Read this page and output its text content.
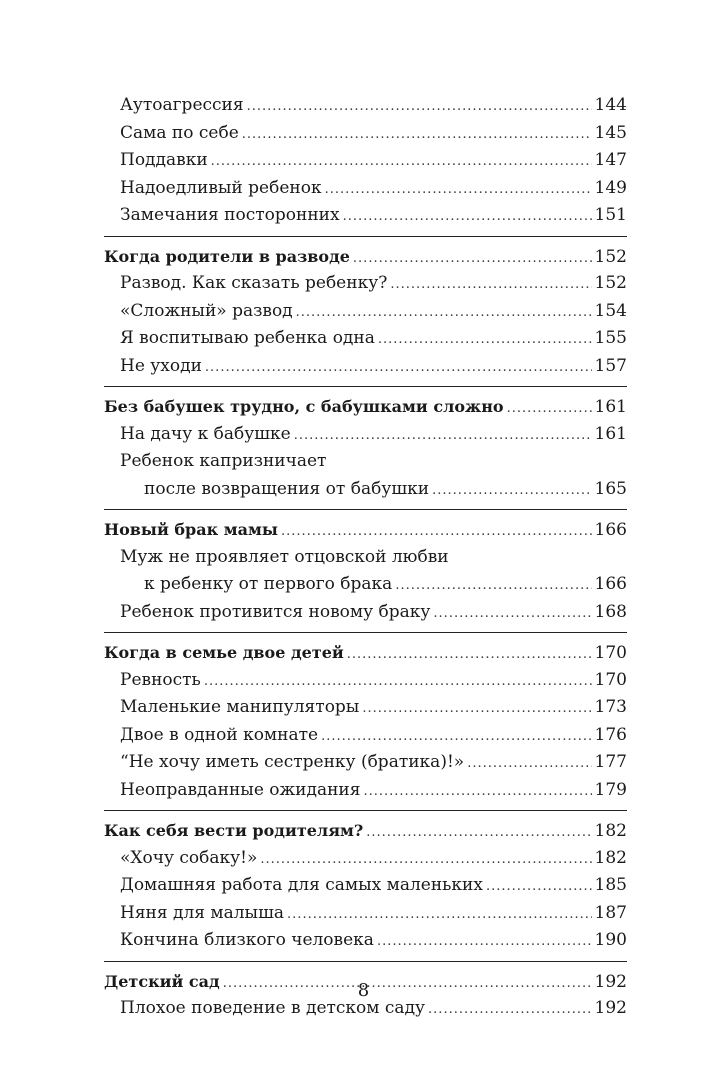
Аутоагрессия .....	144
Сама по себе .....	145
Поддавки .....	147
Надоедливый ребенок .....	149
Замечания посторонних .....	151
Когда родители в разводе .....	152
Развод. Как сказать ребенку? .....	152
«Сложный» развод .....	154
Я воспитываю ребенка одна .....	155
Не уходи .....	157
Без бабушек трудно, с бабушками сложно .....	161
На дачу к бабушке .....	161
Ребенок капризничает
после возвращения от бабушки .....	165
Новый брак мамы .....	166
Муж не проявляет отцовской любви
к ребенку от первого брака .....	166
Ребенок противится новому браку .....	168
Когда в семье двое детей .....	170
Ревность .....	170
Маленькие манипуляторы .....	173
Двое в одной комнате .....	176
“Не хочу иметь сестренку (братика)!» .....	177
Неоправданные ожидания .....	179
Как себя вести родителям? .....	182
«Хочу собаку!» .....	182
Домашняя работа для самых маленьких .....	185
Няня для малыша .....	187
Кончина близкого человека .....	190
Детский сад .....	192
Плохое поведение в детском саду .....	192
8
